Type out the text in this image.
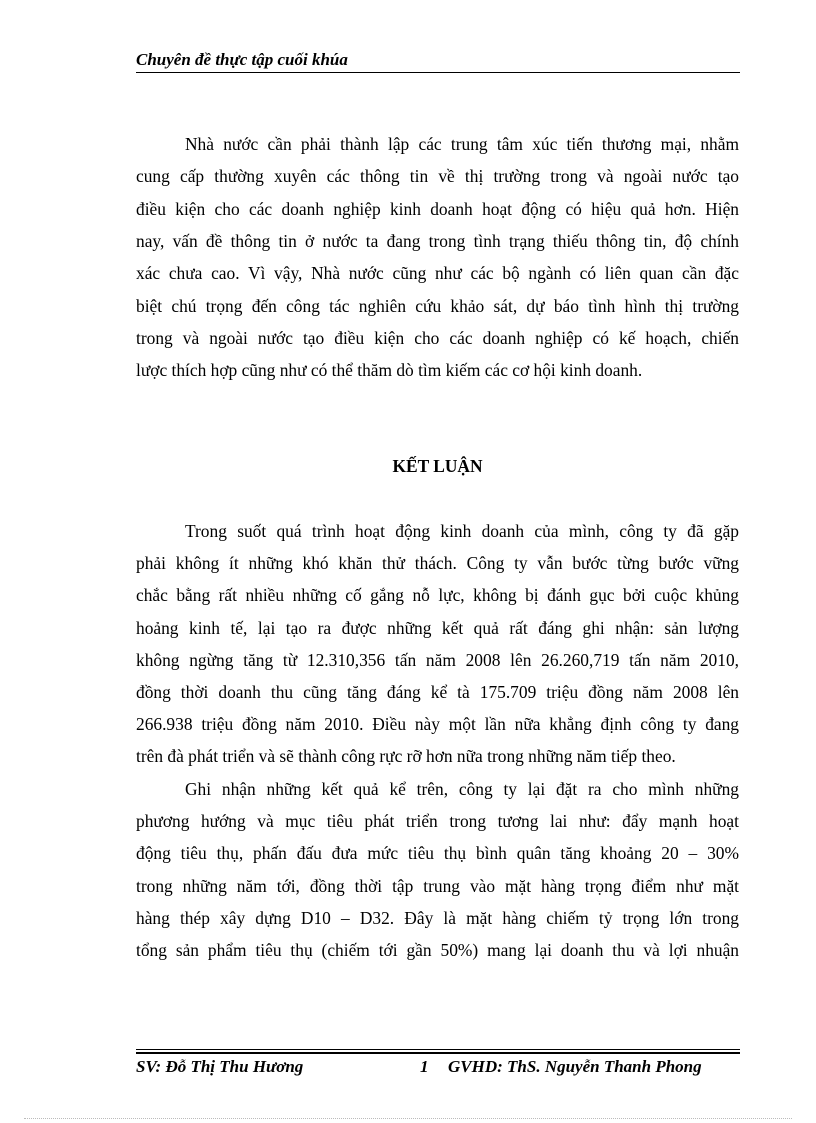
Chuyên đề thực tập cuối khúa
Nhà nước cần phải thành lập các trung tâm xúc tiến thương mại, nhằm
cung cấp thường xuyên các thông tin về thị trường trong và ngoài nước tạo
điều kiện cho các doanh nghiệp kinh doanh hoạt động có hiệu quả hơn. Hiện
nay, vấn đề thông tin ở nước ta đang trong tình trạng thiếu thông tin, độ chính
xác chưa cao. Vì vậy, Nhà nước cũng như các bộ ngành có liên quan cần đặc
biệt chú trọng đến công tác nghiên cứu khảo sát, dự báo tình hình thị trường
trong và ngoài nước tạo điều kiện cho các doanh nghiệp có kế hoạch, chiến
lược thích hợp cũng như có thể thăm dò tìm kiếm các cơ hội kinh doanh.
KẾT LUẬN
Trong suốt quá trình hoạt động kinh doanh của mình, công ty đã gặp
phải không ít những khó khăn thử thách. Công ty vẫn bước từng bước vững
chắc bằng rất nhiều những cố gắng nỗ lực, không bị đánh gục bởi cuộc khủng
hoảng kinh tế, lại tạo ra được những kết quả rất đáng ghi nhận: sản lượng
không ngừng tăng từ 12.310,356 tấn năm 2008 lên 26.260,719 tấn năm 2010,
đồng thời doanh thu cũng tăng đáng kể tà 175.709 triệu đồng năm 2008 lên
266.938 triệu đồng năm 2010. Điều này một lần nữa khẳng định công ty đang
trên đà phát triển và sẽ thành công rực rỡ hơn nữa trong những năm tiếp theo.
Ghi nhận những kết quả kể trên, công ty lại đặt ra cho mình những
phương hướng và mục tiêu phát triển trong tương lai như: đẩy mạnh hoạt
động tiêu thụ, phấn đấu đưa mức tiêu thụ bình quân tăng khoảng 20 – 30%
trong những năm tới, đồng thời tập trung vào mặt hàng trọng điểm như mặt
hàng thép xây dựng D10 – D32. Đây là mặt hàng chiếm tỷ trọng lớn trong
tổng sản phẩm tiêu thụ (chiếm tới gần 50%) mang lại doanh thu và lợi nhuận
SV: Đỗ Thị Thu Hương	1 GVHD: ThS. Nguyễn Thanh Phong
